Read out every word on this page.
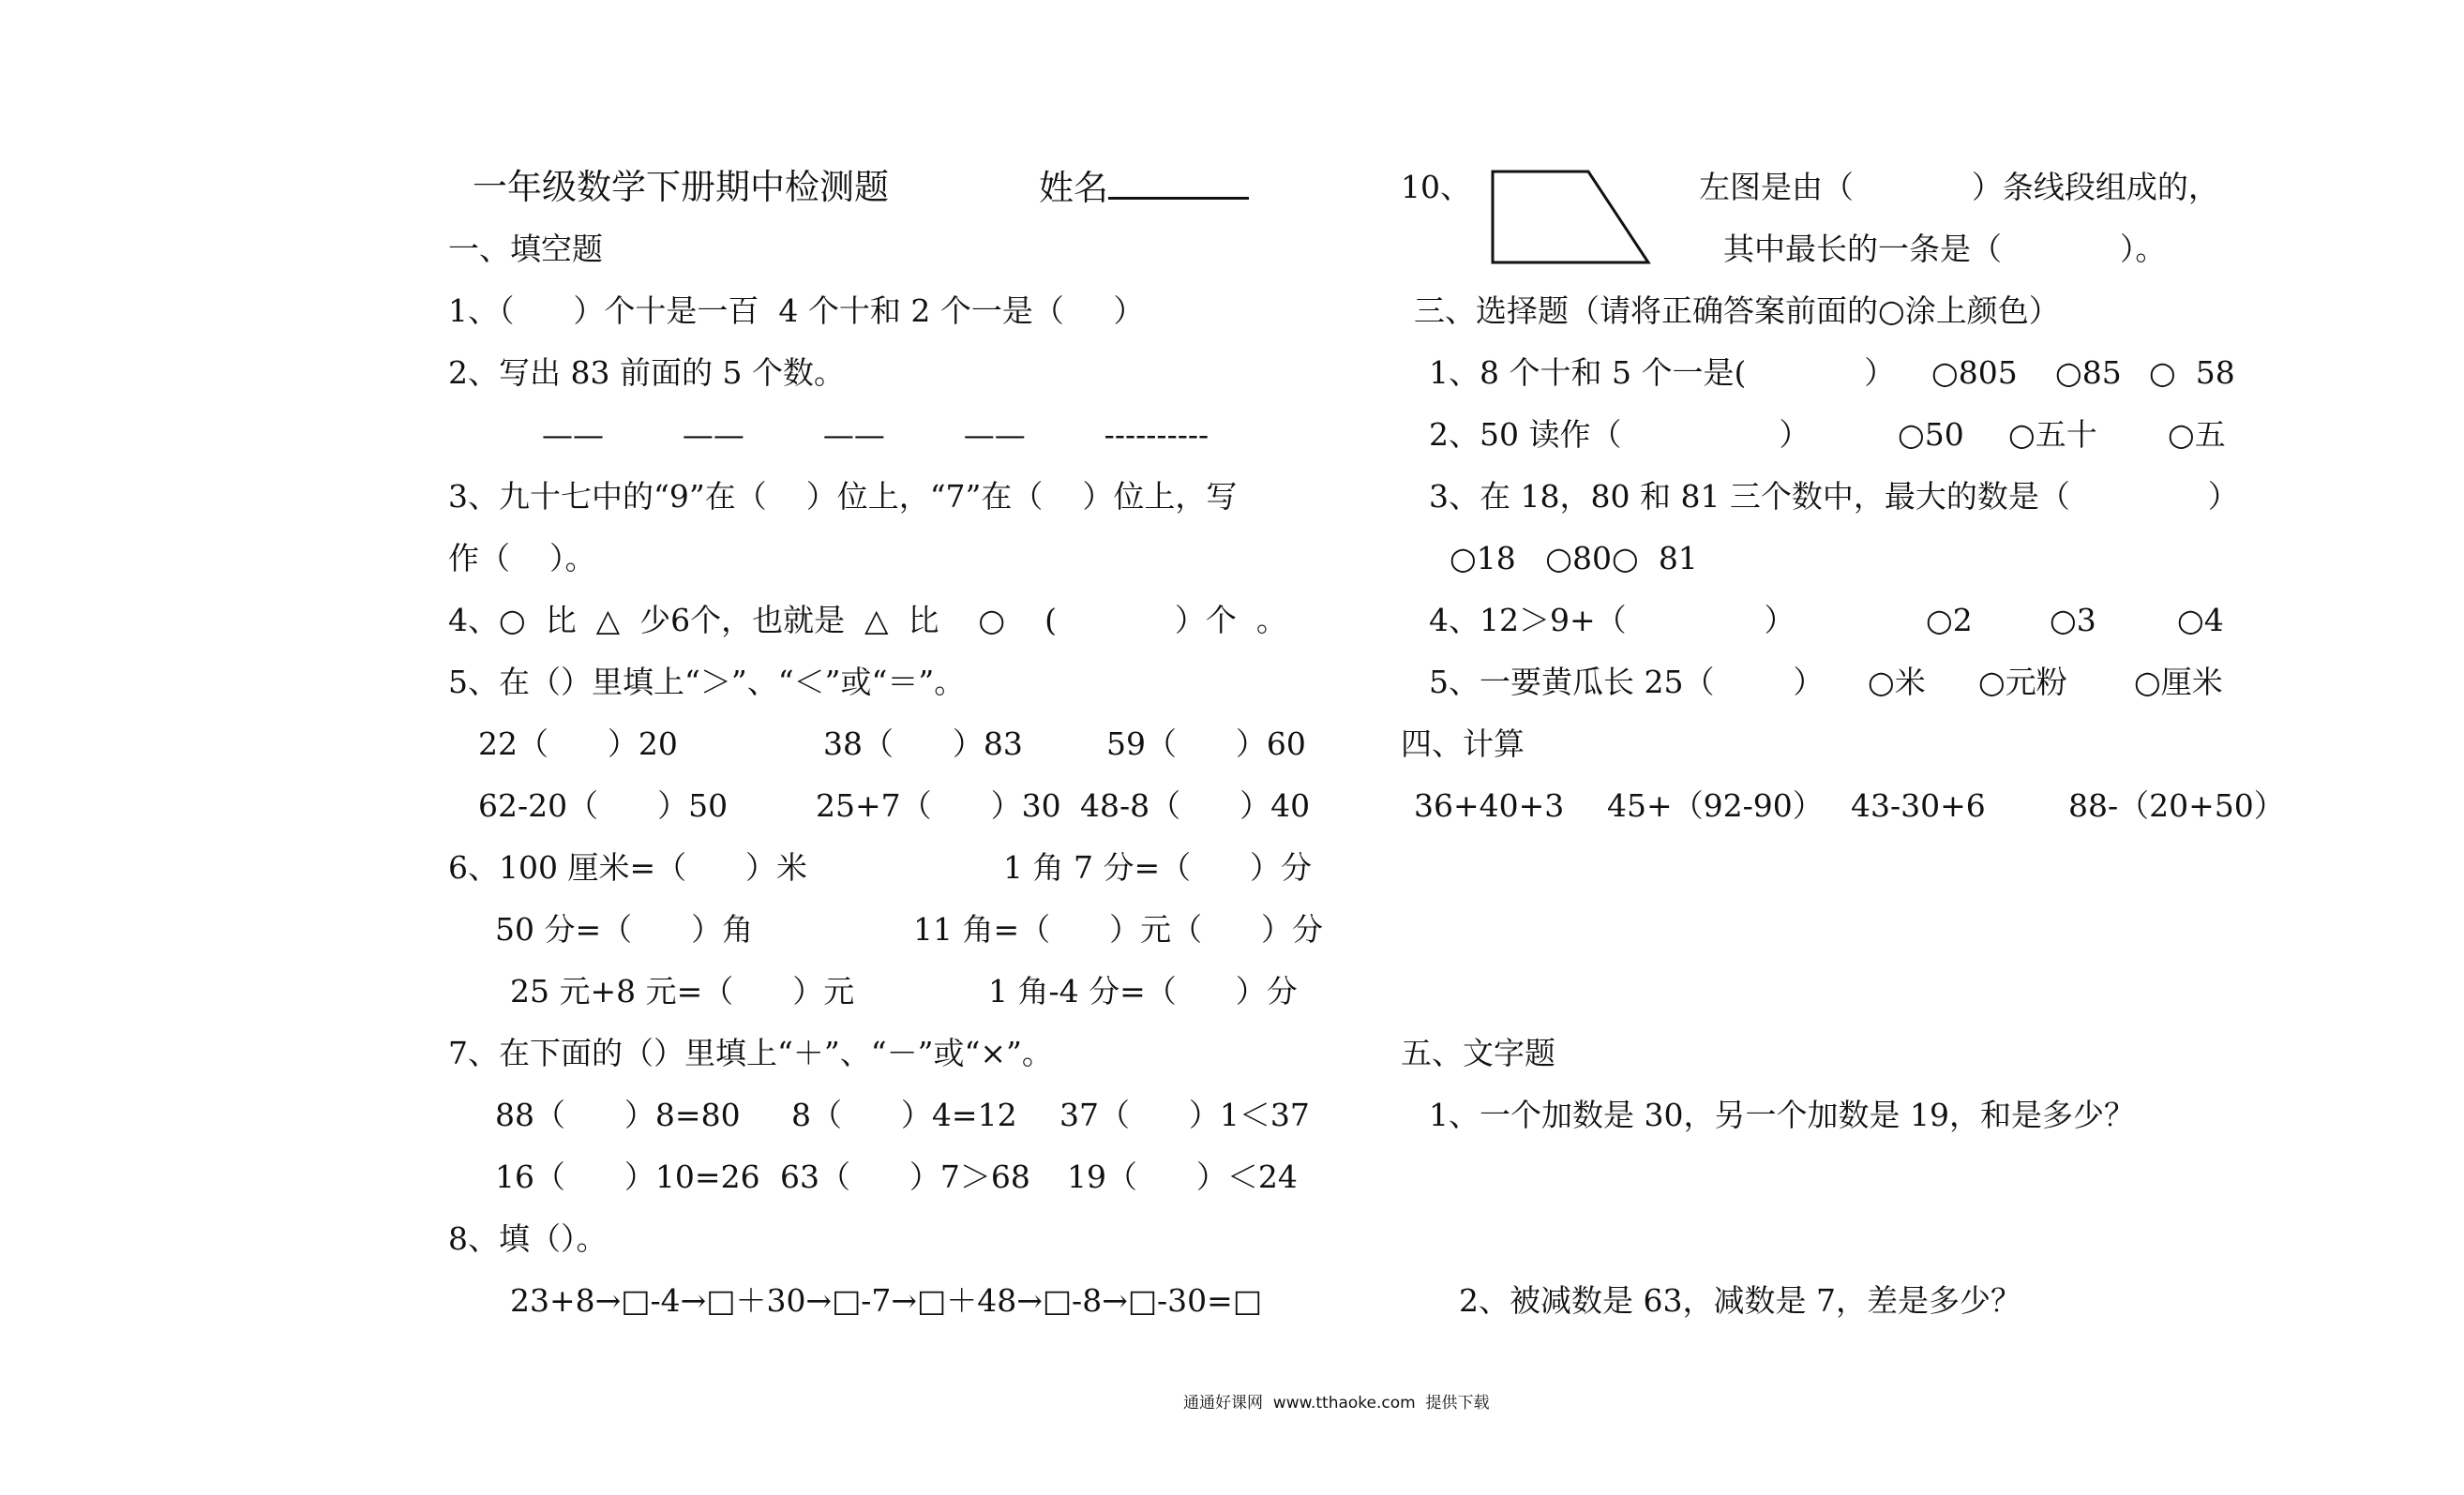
一年级数学下册期中检测题	姓名
一、填空题
1、（      ）个十是一百  4 个十和 2 个一是（     ）
2、写出 83 前面的 5 个数。
——        ——        ——        ——        ----------
3、九十七中的“9”在（    ）位上，“7”在（    ）位上，写
作（    ）。
4、○  比  △  少6个，也就是  △  比    ○    (            ）个  。
5、在（）里填上“＞”、“＜”或“＝”。
22（      ）20	38（      ）83	59（      ）60
62-20（      ）50	25+7（      ）30 48-8（      ）40
6、100 厘米=（      ）米	1 角 7 分=（      ）分
50 分=（      ）角	11 角=（      ）元（      ）分
25 元+8 元=（      ）元	1 角-4 分=（      ）分
7、在下面的（）里填上“＋”、“－”或“×”。
88（      ）8=80 8（      ）4=12 37（      ）1＜37
16（      ）10=26 63（      ）7＞68 19（      ）＜24
8、填（）。
23+8→□-4→□＋30→□-7→□＋48→□-8→□-30=□
10、	左图是由（            ）条线段组成的，
其中最长的一条是（            ）。
三、选择题（请将正确答案前面的○涂上颜色）
1、8 个十和 5 个一是(            ） ○805 ○85 ○  58
2、50 读作（                ）	○50 ○五十 ○五
3、在 18，80 和 81 三个数中，最大的数是（              ）
○18   ○80○  81
4、12＞9+（              ）	○2 ○3	○4
5、一要黄瓜长 25（        ） ○米 ○元粉 ○厘米
四、计算
36+40+3 45+（92-90） 43-30+6	88-（20+50）
五、文字题
1、一个加数是 30，另一个加数是 19，和是多少？
2、被减数是 63，减数是 7，差是多少？
通通好课网  www.tthaoke.com  提供下载
